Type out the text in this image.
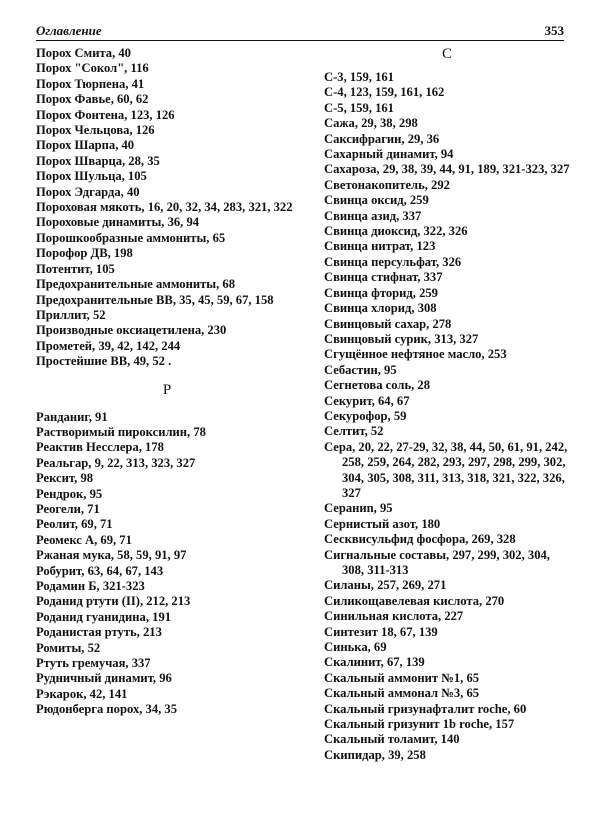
Оглавление	353
Порох Смита, 40
Порох "Сокол", 116
Порох Тюрпена, 41
Порох Фавье, 60, 62
Порох Фонтена, 123, 126
Порох Чельцова, 126
Порох Шарпа, 40
Порох Шварца, 28, 35
Порох Шульца, 105
Порох Эдгарда, 40
Пороховая мякоть, 16, 20, 32, 34, 283, 321, 322
Пороховые динамиты, 36, 94
Порошкообразные аммониты, 65
Порофор ДВ, 198
Потентит, 105
Предохранительные аммониты, 68
Предохранительные ВВ, 35, 45, 59, 67, 158
Приллит, 52
Производные оксиацетилена, 230
Прометей, 39, 42, 142, 244
Простейшие ВВ, 49, 52 .
Р
Ранданиг, 91
Растворимый пироксилин, 78
Реактив Несслера, 178
Реальгар, 9, 22, 313, 323, 327
Рексит, 98
Рендрок, 95
Реогели, 71
Реолит, 69, 71
Реомекс А, 69, 71
Ржаная мука, 58, 59, 91, 97
Робурит, 63, 64, 67, 143
Родамин Б, 321-323
Роданид ртути (II), 212, 213
Роданид гуанидина, 191
Роданистая ртуть, 213
Ромиты, 52
Ртуть гремучая, 337
Рудничный динамит, 96
Рэкарок, 42, 141
Рюдонберга порох, 34, 35
С
С-3, 159, 161
С-4, 123, 159, 161, 162
С-5, 159, 161
Сажа, 29, 38, 298
Саксифрагин, 29, 36
Сахарный динамит, 94
Сахароза, 29, 38, 39, 44, 91, 189, 321-323, 327
Светонакопитель, 292
Свинца оксид, 259
Свинца азид, 337
Свинца диоксид, 322, 326
Свинца нитрат, 123
Свинца персульфат, 326
Свинца стифнат, 337
Свинца фторид, 259
Свинца хлорид, 308
Свинцовый сахар, 278
Свинцовый сурик, 313, 327
Сгущённое нефтяное масло, 253
Себастин, 95
Сегнетова соль, 28
Секурит, 64, 67
Секурофор, 59
Селтит, 52
Сера, 20, 22, 27-29, 32, 38, 44, 50, 61, 91, 242, 258, 259, 264, 282, 293, 297, 298, 299, 302, 304, 305, 308, 311, 313, 318, 321, 322, 326, 327
Сераниn, 95
Сернистый азот, 180
Сесквисульфид фосфора, 269, 328
Сигнальные составы, 297, 299, 302, 304, 308, 311-313
Силаны, 257, 269, 271
Силикощавелевая кислота, 270
Синильная кислота, 227
Синтезит 18, 67, 139
Синька, 69
Скалинит, 67, 139
Скальный аммонит №1, 65
Скальный аммонал №3, 65
Скальный гризунафталит roche, 60
Скальный гризунит 1b roche, 157
Скальный толамит, 140
Скипидар, 39, 258
